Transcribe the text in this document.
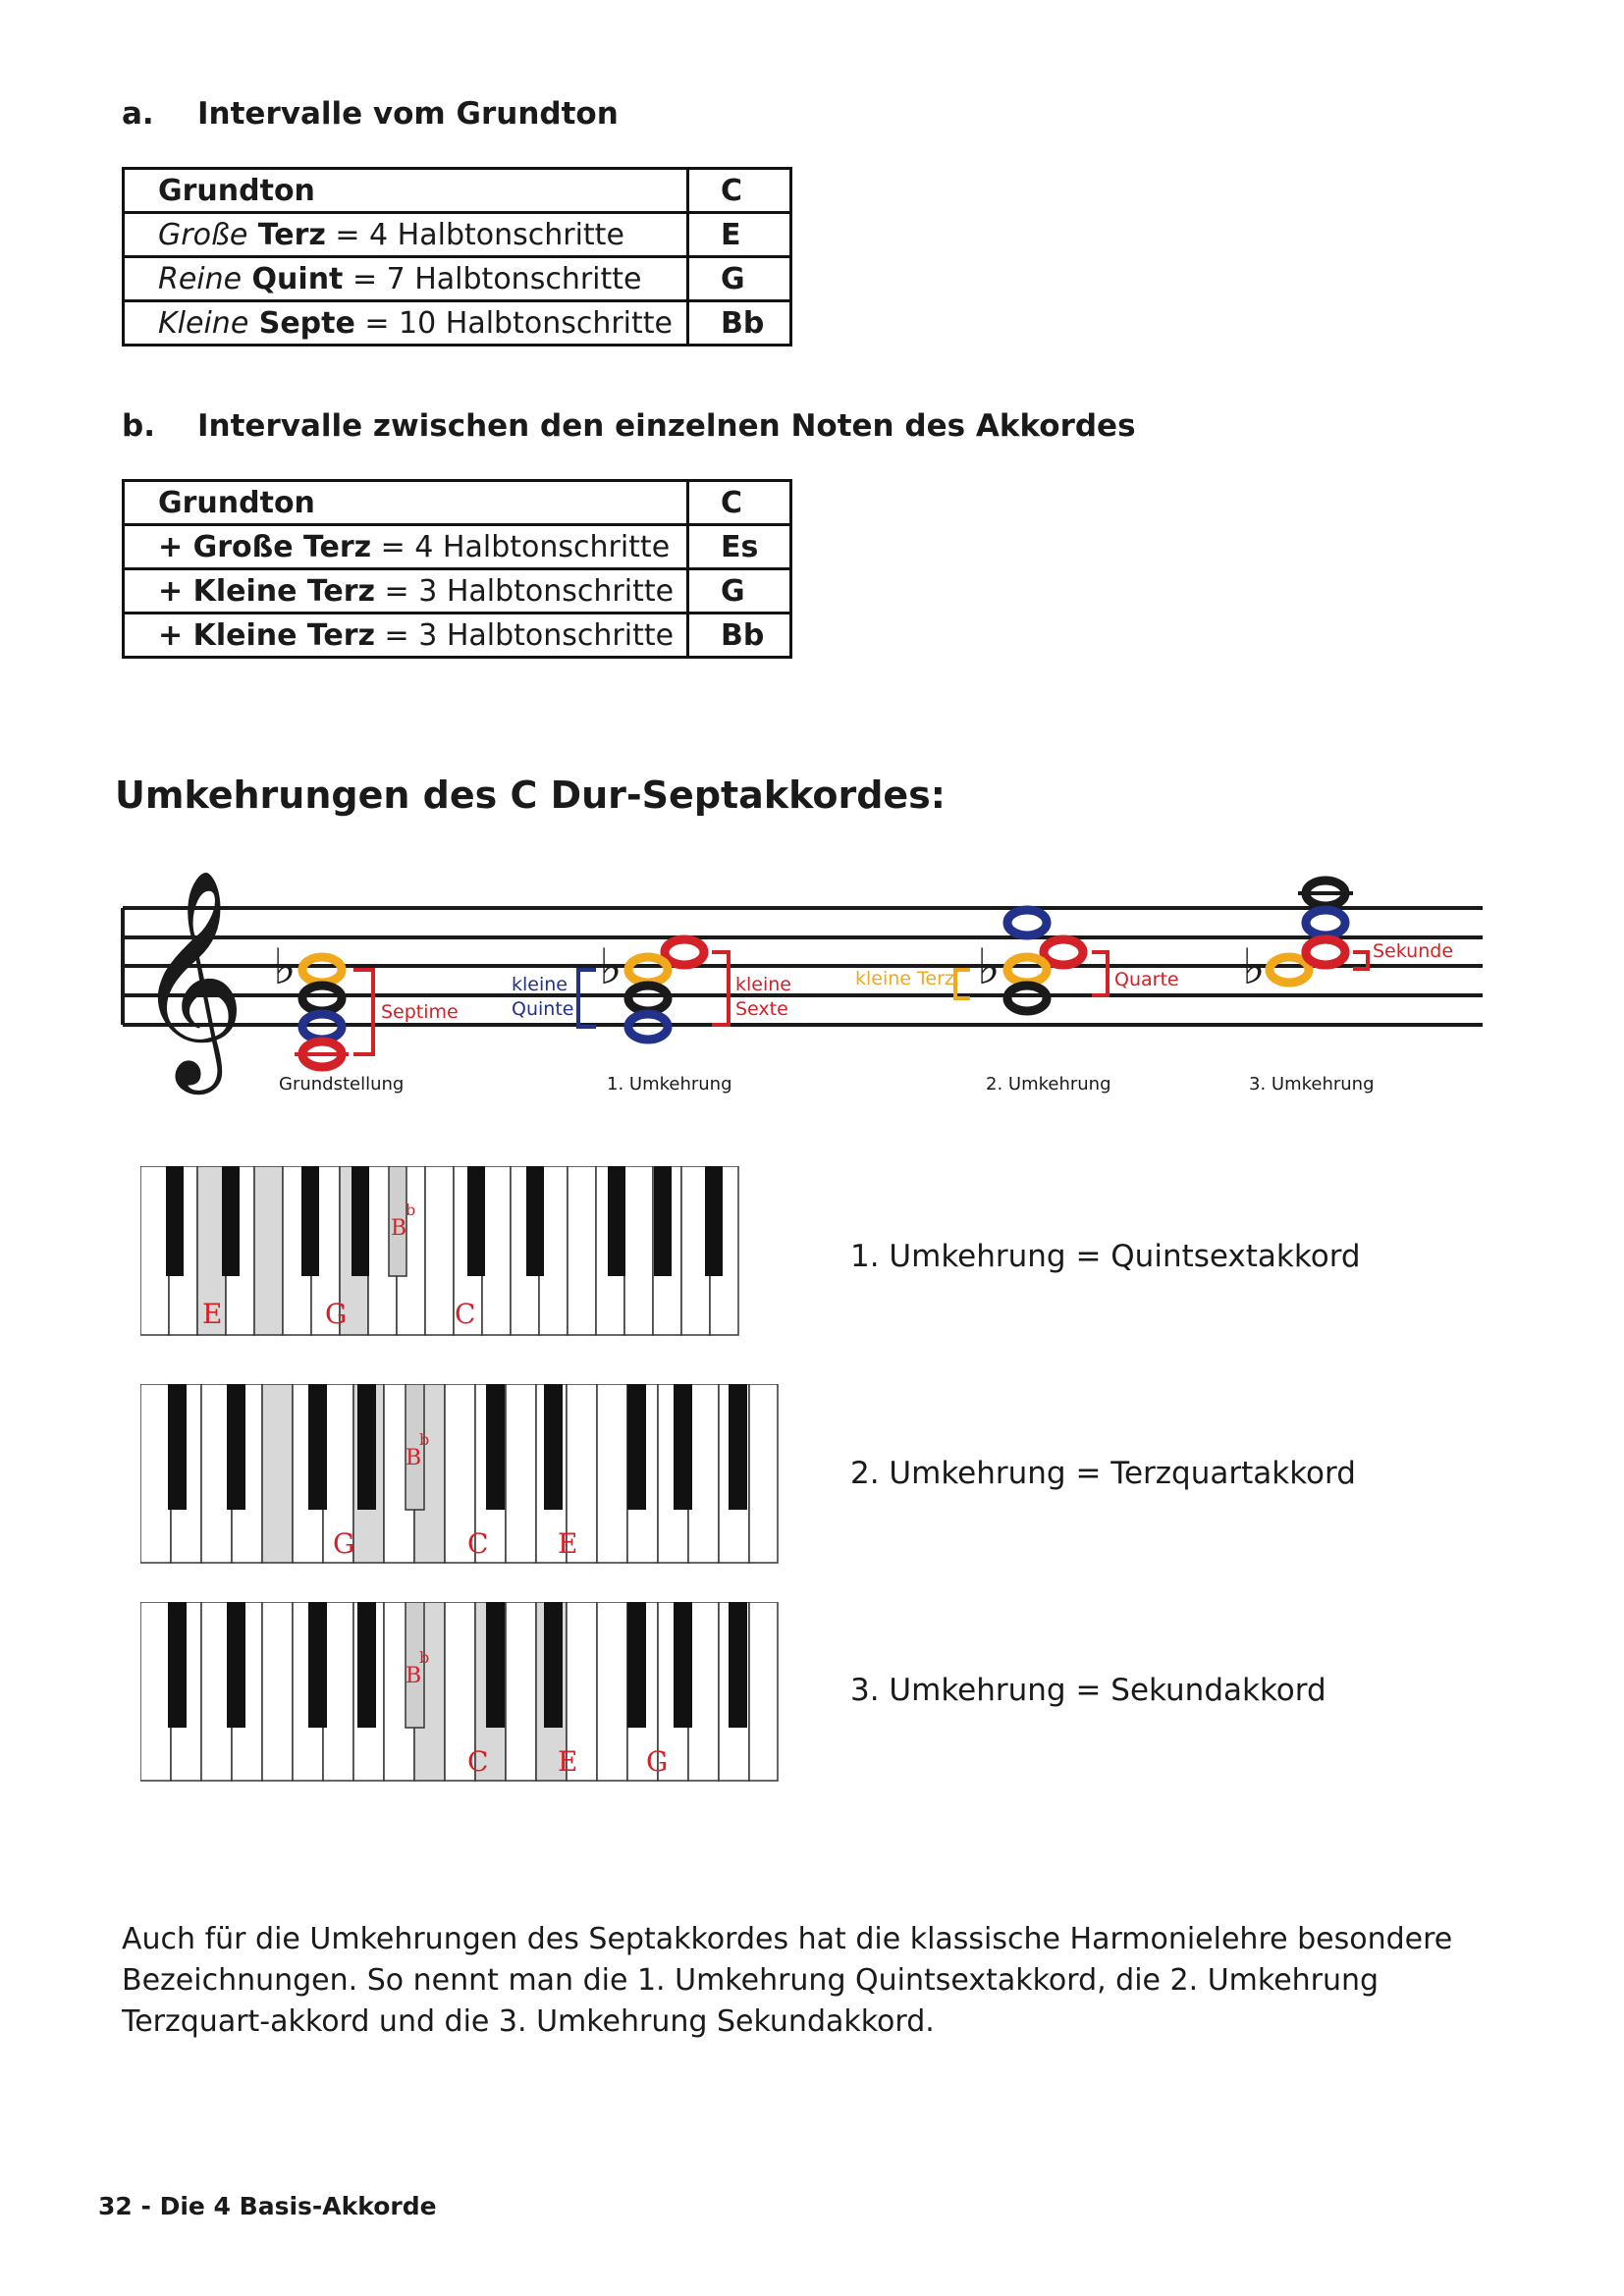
a. Intervalle vom Grundton
Grundton	C
Große Terz = 4 Halbtonschritte	E
Reine Quint = 7 Halbtonschritte	G
Kleine Septe = 10 Halbtonschritte	Bb
b. Intervalle zwischen den einzelnen Noten des Akkordes
Grundton	C
+ Große Terz = 4 Halbtonschritte	Es
+ Kleine Terz = 3 Halbtonschritte	G
+ Kleine Terz = 3 Halbtonschritte	Bb
Umkehrungen des C Dur-Septakkordes:
𝄞 ♭
Septime
Grundstellung
kleine
Quinte
♭	kleine
Sexte
1. Umkehrung
kleine Terz ♭	Quarte
2. Umkehrung
♭	Sekunde
3. Umkehrung
E	G	C
B
b
1. Umkehrung = Quintsextakkord
G	C	E
B
b
2. Umkehrung = Terzquartakkord
C	E G
B
b
3. Umkehrung = Sekundakkord
Auch für die Umkehrungen des Septakkordes hat die klassische Harmonielehre besondere Bezeichnungen. So nennt man die 1. Umkehrung Quintsextakkord, die 2. Umkehrung Terzquart-akkord und die 3. Umkehrung Sekundakkord.
32 - Die 4 Basis-Akkorde
